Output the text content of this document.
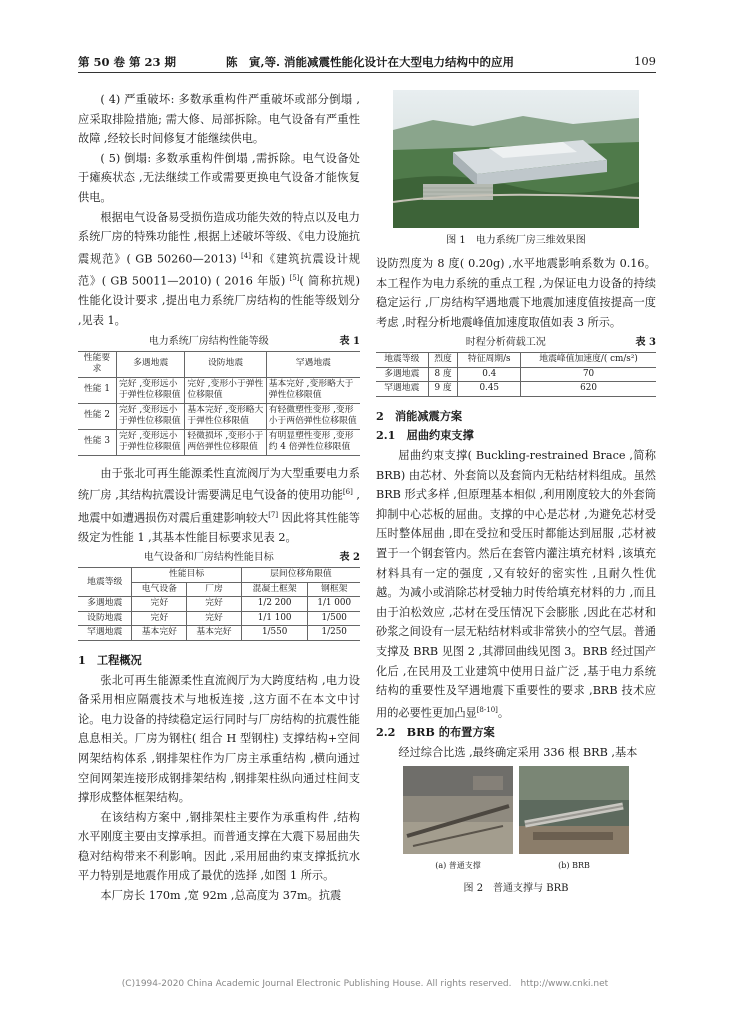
第 50 卷 第 23 期	陈　寅,等. 消能减震性能化设计在大型电力结构中的应用	109

( 4) 严重破坏: 多数承重构件严重破坏或部分倒塌 ,应采取排险措施; 需大修、局部拆除。电气设备有严重性故障 ,经较长时间修复才能继续供电。

( 5) 倒塌: 多数承重构件倒塌 ,需拆除。电气设备处于瘫痪状态 ,无法继续工作或需要更换电气设备才能恢复供电。

根据电气设备易受损伤造成功能失效的特点以及电力系统厂房的特殊功能性 ,根据上述破坏等级、《电力设施抗震规范》( GB 50260—2013) [4]和《建筑抗震设计规范》( GB 50011—2010) ( 2016 年版) [5]( 简称抗规) 性能化设计要求 ,提出电力系统厂房结构的性能等级划分 ,见表 1。

电力系统厂房结构性能等级	表 1
性能要求	多遇地震	设防地震	罕遇地震
性能 1	完好 ,变形远小于弹性位移限值	完好 ,变形小于弹性位移限值	基本完好 ,变形略大于弹性位移限值
性能 2	完好 ,变形远小于弹性位移限值	基本完好 ,变形略大于弹性位移限值	有轻微塑性变形 ,变形小于两倍弹性位移限值
性能 3	完好 ,变形远小于弹性位移限值	轻微损坏 ,变形小于两倍弹性位移限值	有明显塑性变形 ,变形约 4 倍弹性位移限值

由于张北可再生能源柔性直流阀厅为大型重要电力系统厂房 ,其结构抗震设计需要满足电气设备的使用功能[6] ,地震中如遭遇损伤对震后重建影响较大[7] 因此将其性能等级定为性能 1 ,其基本性能目标要求见表 2。

电气设备和厂房结构性能目标	表 2
地震等级	性能目标		层间位移角限值	
	电气设备	厂房	混凝土框架	钢框架
多遇地震	完好	完好	1/2 200	1/1 000
设防地震	完好	完好	1/1 100	1/500
罕遇地震	基本完好	基本完好	1/550	1/250
1　工程概况

张北可再生能源柔性直流阀厅为大跨度结构 ,电力设备采用相应隔震技术与地板连接 ,这方面不在本文中讨论。电力设备的持续稳定运行同时与厂房结构的抗震性能息息相关。厂房为钢柱( 组合 H 型钢柱) 支撑结构+空间网架结构体系 ,钢排架柱作为厂房主承重结构 ,横向通过空间网架连接形成钢排架结构 ,钢排架柱纵向通过柱间支撑形成整体框架结构。

在该结构方案中 ,钢排架柱主要作为承重构件 ,结构水平刚度主要由支撑承担。而普通支撑在大震下易屈曲失稳对结构带来不利影响。因此 ,采用屈曲约束支撑抵抗水平力特别是地震作用成了最优的选择 ,如图 1 所示。

本厂房长 170m ,宽 92m ,总高度为 37m。抗震

图 1　电力系统厂房三维效果图

设防烈度为 8 度( 0.20g) ,水平地震影响系数为 0.16。本工程作为电力系统的重点工程 ,为保证电力设备的持续稳定运行 ,厂房结构罕遇地震下地震加速度值按提高一度考虑 ,时程分析地震峰值加速度取值如表 3 所示。

时程分析荷载工况	表 3
地震等级	烈度	特征周期/s	地震峰值加速度/( cm/s²)
多遇地震	8 度	0.4	70
罕遇地震	9 度	0.45	620
2　消能减震方案
2.1　屈曲约束支撑

屈曲约束支撑( Buckling-restrained Brace ,简称 BRB) 由芯材、外套筒以及套筒内无粘结材料组成。虽然 BRB 形式多样 ,但原理基本相似 ,利用刚度较大的外套筒抑制中心芯板的屈曲。支撑的中心是芯材 ,为避免芯材受压时整体屈曲 ,即在受拉和受压时都能达到屈服 ,芯材被置于一个钢套管内。然后在套管内灌注填充材料 ,该填充材料具有一定的强度 ,又有较好的密实性 ,且耐久性优越。为减小或消除芯材受轴力时传给填充材料的力 ,而且由于泊松效应 ,芯材在受压情况下会膨胀 ,因此在芯材和砂浆之间设有一层无粘结材料或非常狭小的空气层。普通支撑及 BRB 见图 2 ,其滞回曲线见图 3。BRB 经过国产化后 ,在民用及工业建筑中使用日益广泛 ,基于电力系统结构的重要性及罕遇地震下重要性的要求 ,BRB 技术应用的必要性更加凸显[8-10]。

2.2　BRB 的布置方案

经过综合比选 ,最终确定采用 336 根 BRB ,基本

(a) 普通支撑	(b) BRB
图 2　普通支撑与 BRB
(C)1994-2020 China Academic Journal Electronic Publishing House. All rights reserved.　http://www.cnki.net
